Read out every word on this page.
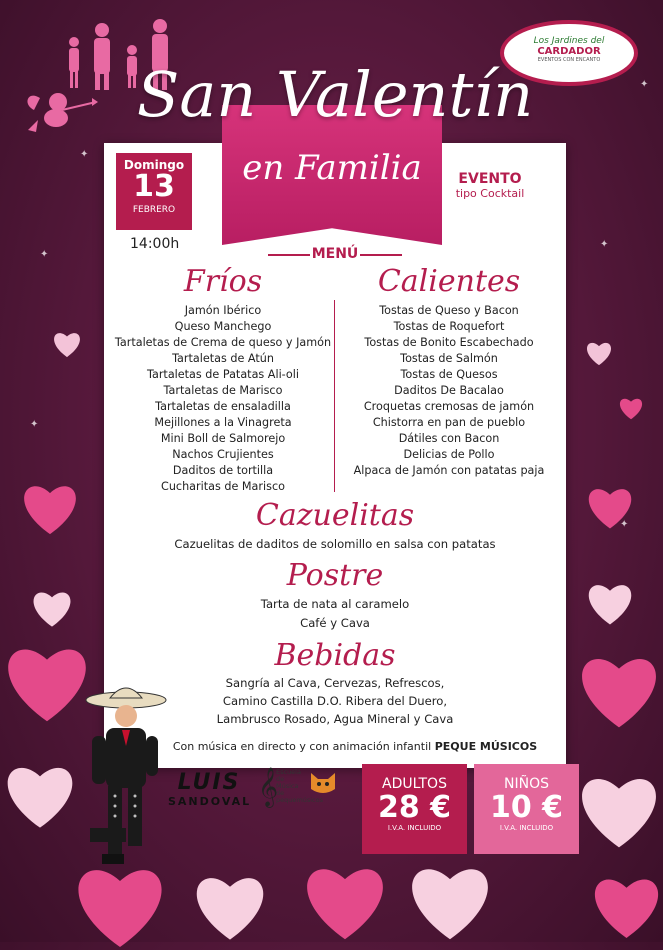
✦
✦
✦
✦
✦
✦
Los Jardines del
CARDADOR
EVENTOS CON ENCANTO
San Valentín
en Familia
Domingo
13
FEBRERO
14:00h
EVENTO
tipo Cocktail
MENÚ
Fríos
Jamón Ibérico
Queso Manchego
Tartaletas de Crema de queso y Jamón
Tartaletas de Atún
Tartaletas de Patatas Ali-oli
Tartaletas de Marisco
Tartaletas de ensaladilla
Mejillones a la Vinagreta
Mini Boll de Salmorejo
Nachos Crujientes
Daditos de tortilla
Cucharitas de Marisco
Calientes
Tostas de Queso y Bacon
Tostas de Roquefort
Tostas de Bonito Escabechado
Tostas de Salmón
Tostas de Quesos
Daditos De Bacalao
Croquetas cremosas de jamón
Chistorra en pan de pueblo
Dátiles con Bacon
Delicias de Pollo
Alpaca de Jamón con patatas paja
Cazuelitas
Cazuelitas de daditos de solomillo en salsa con patatas
Postre
Tarta de nata al caramelo
Café y Cava
Bebidas
Sangría al Cava, Cervezas, Refrescos,
Camino Castilla D.O. Ribera del Duero,
Lambrusco Rosado, Agua Mineral y Cava
Con música en directo y con animación infantil PEQUE MÚSICOS
LUIS
SANDOVAL 𝄞
Escuela
de
Música
de
pequemúsicos
ADULTOS
28 €
I.V.A. INCLUIDO
NIÑOS
10 €
I.V.A. INCLUIDO
